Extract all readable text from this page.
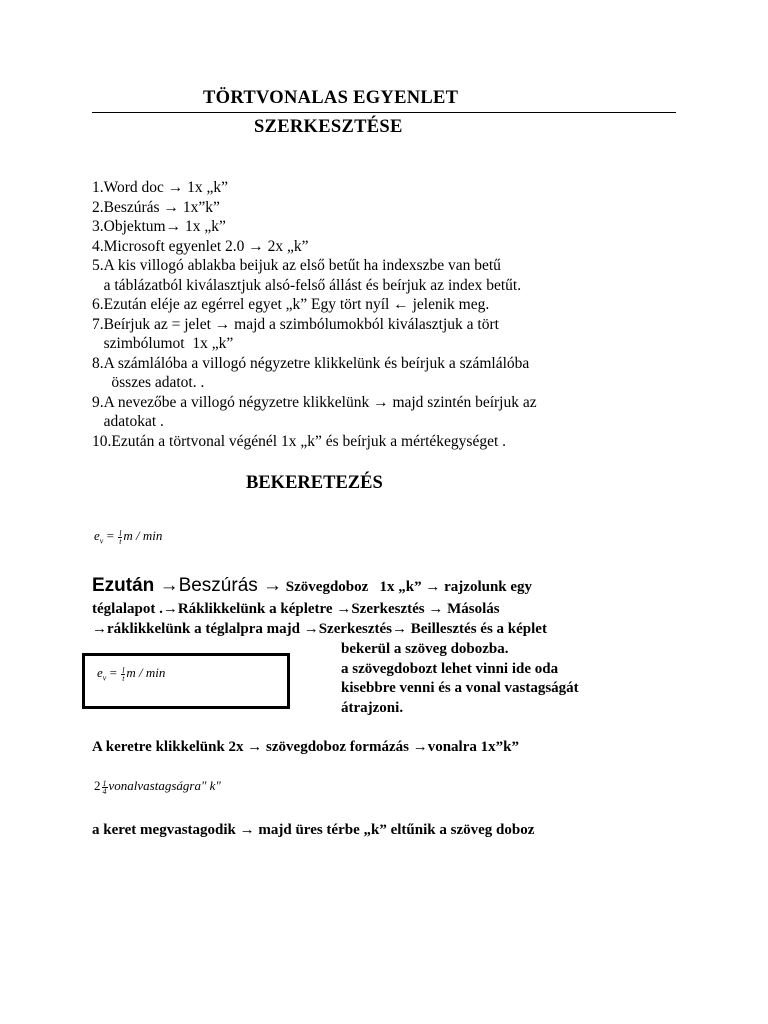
TÖRTVONALAS EGYENLET
SZERKESZTÉSE
1.Word doc → 1x „k”
2.Beszúrás → 1x”k”
3.Objektum→ 1x „k”
4.Microsoft egyenlet 2.0 → 2x „k”
5.A kis villogó ablakba beijuk az első betűt ha indexszbe van betű
a táblázatból kiválasztjuk alsó-felső állást és beírjuk az index betűt.
6.Ezután eléje az egérrel egyet „k” Egy tört nyíl ← jelenik meg.
7.Beírjuk az = jelet → majd a szimbólumokból kiválasztjuk a tört
szimbólumot  1x „k”
8.A számlálóba a villogó négyzetre klikkelünk és beírjuk a számlálóba
összes adatot. .
9.A nevezőbe a villogó négyzetre klikkelünk → majd szintén beírjuk az
adatokat .
10.Ezután a törtvonal végénél 1x „k” és beírjuk a mértékegységet .
BEKERETEZÉS
$e_v = \frac{l}{t}$ m / min
Ezután →Beszúrás → Szövegdoboz   1x „k” → rajzolunk egy
téglalapot .→Ráklikkelünk a képletre →Szerkesztés → Másolás
→ráklikkelünk a téglalpra majd →Szerkesztés→ Beillesztés és a képlet
$e_v = \frac{l}{t}$ m / min
bekerül a szöveg dobozba.
a szövegdobozt lehet vinni ide oda
kisebbre venni és a vonal vastagságát
átrajzoni.
A keretre klikkelünk 2x → szövegdoboz formázás →vonalra 1x”k”
$2 \frac{1}{4}$ vonalvastagságra" k"
a keret megvastagodik → majd üres térbe „k” eltűnik a szöveg doboz
